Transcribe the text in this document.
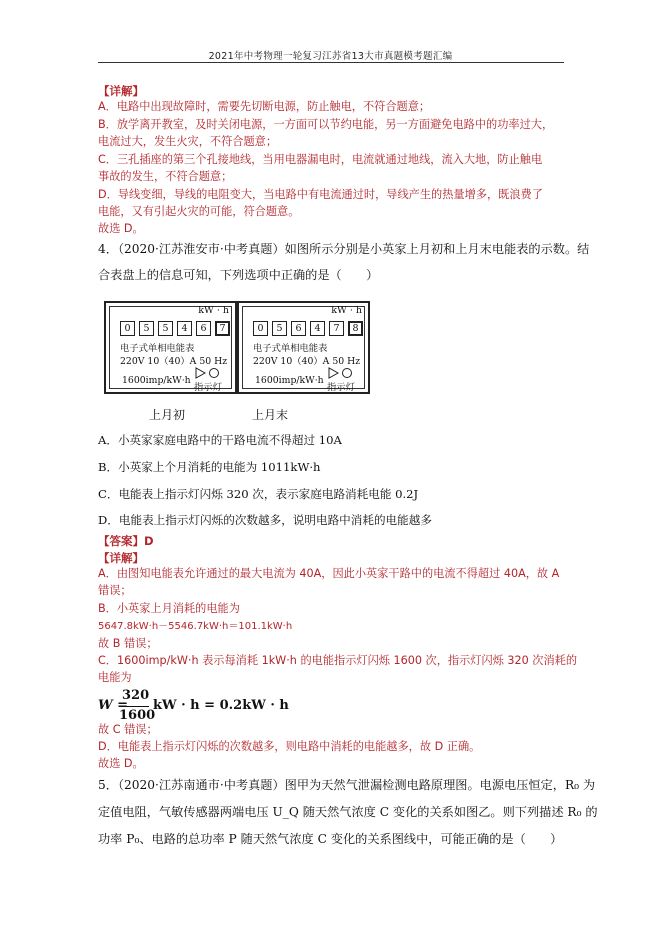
2021年中考物理一轮复习江苏省13大市真题模考题汇编
【详解】
A．电路中出现故障时，需要先切断电源，防止触电，不符合题意；
B．放学离开教室，及时关闭电源，一方面可以节约电能，另一方面避免电路中的功率过大，
电流过大，发生火灾，不符合题意；
C．三孔插座的第三个孔接地线，当用电器漏电时，电流就通过地线，流入大地，防止触电
事故的发生，不符合题意；
D．导线变细，导线的电阻变大，当电路中有电流通过时，导线产生的热量增多，既浪费了
电能，又有引起火灾的可能，符合题意。
故选 D。
4．（2020·江苏淮安市·中考真题）如图所示分别是小英家上月初和上月末电能表的示数。结
合表盘上的信息可知，下列选项中正确的是（　　）
kW · h
0	5	5	4	6	7
电子式单相电能表
220V 10（40）A 50 Hz
1600imp/kW·h
指示灯
上月初
kW · h
0	5	6	4	7	8
电子式单相电能表
220V 10（40）A 50 Hz
1600imp/kW·h
指示灯
上月末
A．小英家家庭电路中的干路电流不得超过 10A
B．小英家上个月消耗的电能为 1011kW·h
C．电能表上指示灯闪烁 320 次，表示家庭电路消耗电能 0.2J
D．电能表上指示灯闪烁的次数越多，说明电路中消耗的电能越多
【答案】D
【详解】
A．由图知电能表允许通过的最大电流为 40A，因此小英家干路中的电流不得超过 40A，故 A
错误；
B．小英家上月消耗的电能为
5647.8kW·h－5546.7kW·h＝101.1kW·h
故 B 错误；
C．1600imp/kW·h 表示每消耗 1kW·h 的电能指示灯闪烁 1600 次，指示灯闪烁 320 次消耗的
电能为
W =
320
1600
kW · h = 0.2kW · h
故 C 错误；
D．电能表上指示灯闪烁的次数越多，则电路中消耗的电能越多，故 D 正确。
故选 D。
5．（2020·江苏南通市·中考真题）图甲为天然气泄漏检测电路原理图。电源电压恒定，R₀ 为
定值电阻，气敏传感器两端电压 U_Q 随天然气浓度 C 变化的关系如图乙。则下列描述 R₀ 的
功率 P₀、电路的总功率 P 随天然气浓度 C 变化的关系图线中，可能正确的是（　　）
